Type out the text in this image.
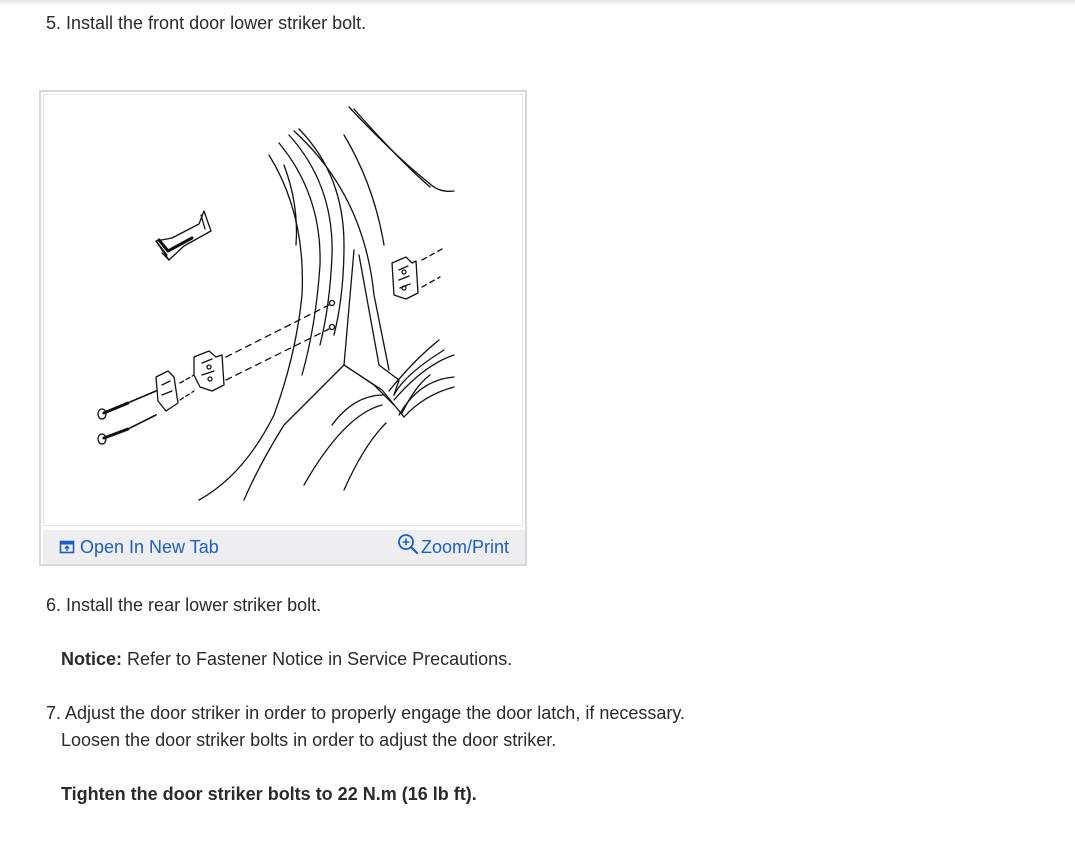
5. Install the front door lower striker bolt.
Open In New Tab	Zoom/Print
6. Install the rear lower striker bolt.
Notice: Refer to Fastener Notice in Service Precautions.
7. Adjust the door striker in order to properly engage the door latch, if necessary.
Loosen the door striker bolts in order to adjust the door striker.
Tighten the door striker bolts to 22 N.m (16 lb ft).
